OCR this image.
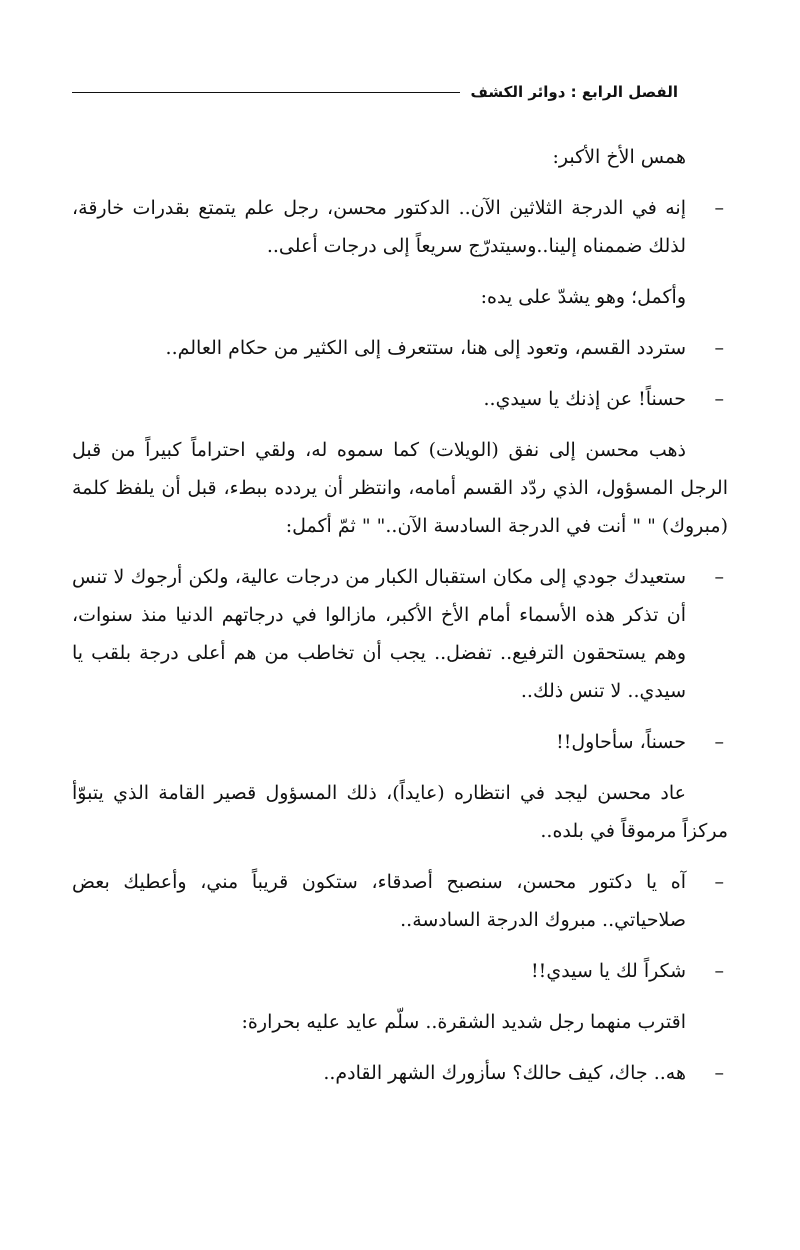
الفصل الرابع : دوائر الكشف

همس الأخ الأكبر:

–
إنه في الدرجة الثلاثين الآن.. الدكتور محسن، رجل علم يتمتع بقدرات خارقة، لذلك ضممناه إلينا..وسيتدرّج سريعاً إلى درجات أعلى..

وأكمل؛ وهو يشدّ على يده:

–
ستردد القسم، وتعود إلى هنا، ستتعرف إلى الكثير من حكام العالم..

–
حسناً! عن إذنك يا سيدي..

ذهب محسن إلى نفق (الويلات) كما سموه له، ولقي احتراماً كبيراً من قبل الرجل المسؤول، الذي ردّد القسم أمامه، وانتظر أن يردده ببطء، قبل أن يلفظ كلمة (مبروك) " " أنت في الدرجة السادسة الآن.." " ثمّ أكمل:

–
ستعيدك جودي إلى مكان استقبال الكبار من درجات عالية، ولكن أرجوك لا تنس أن تذكر هذه الأسماء أمام الأخ الأكبر، مازالوا في درجاتهم الدنيا منذ سنوات، وهم يستحقون الترفيع.. تفضل.. يجب أن تخاطب من هم أعلى درجة بلقب يا سيدي.. لا تنس ذلك..

–
حسناً، سأحاول!!

عاد محسن ليجد في انتظاره (عايداً)، ذلك المسؤول قصير القامة الذي يتبوّأ مركزاً مرموقاً في بلده..

–
آه يا دكتور محسن، سنصبح أصدقاء، ستكون قريباً مني، وأعطيك بعض صلاحياتي.. مبروك الدرجة السادسة..

–
شكراً لك يا سيدي!!

اقترب منهما رجل شديد الشقرة.. سلّم عايد عليه بحرارة:

–
هه.. جاك، كيف حالك؟ سأزورك الشهر القادم..
